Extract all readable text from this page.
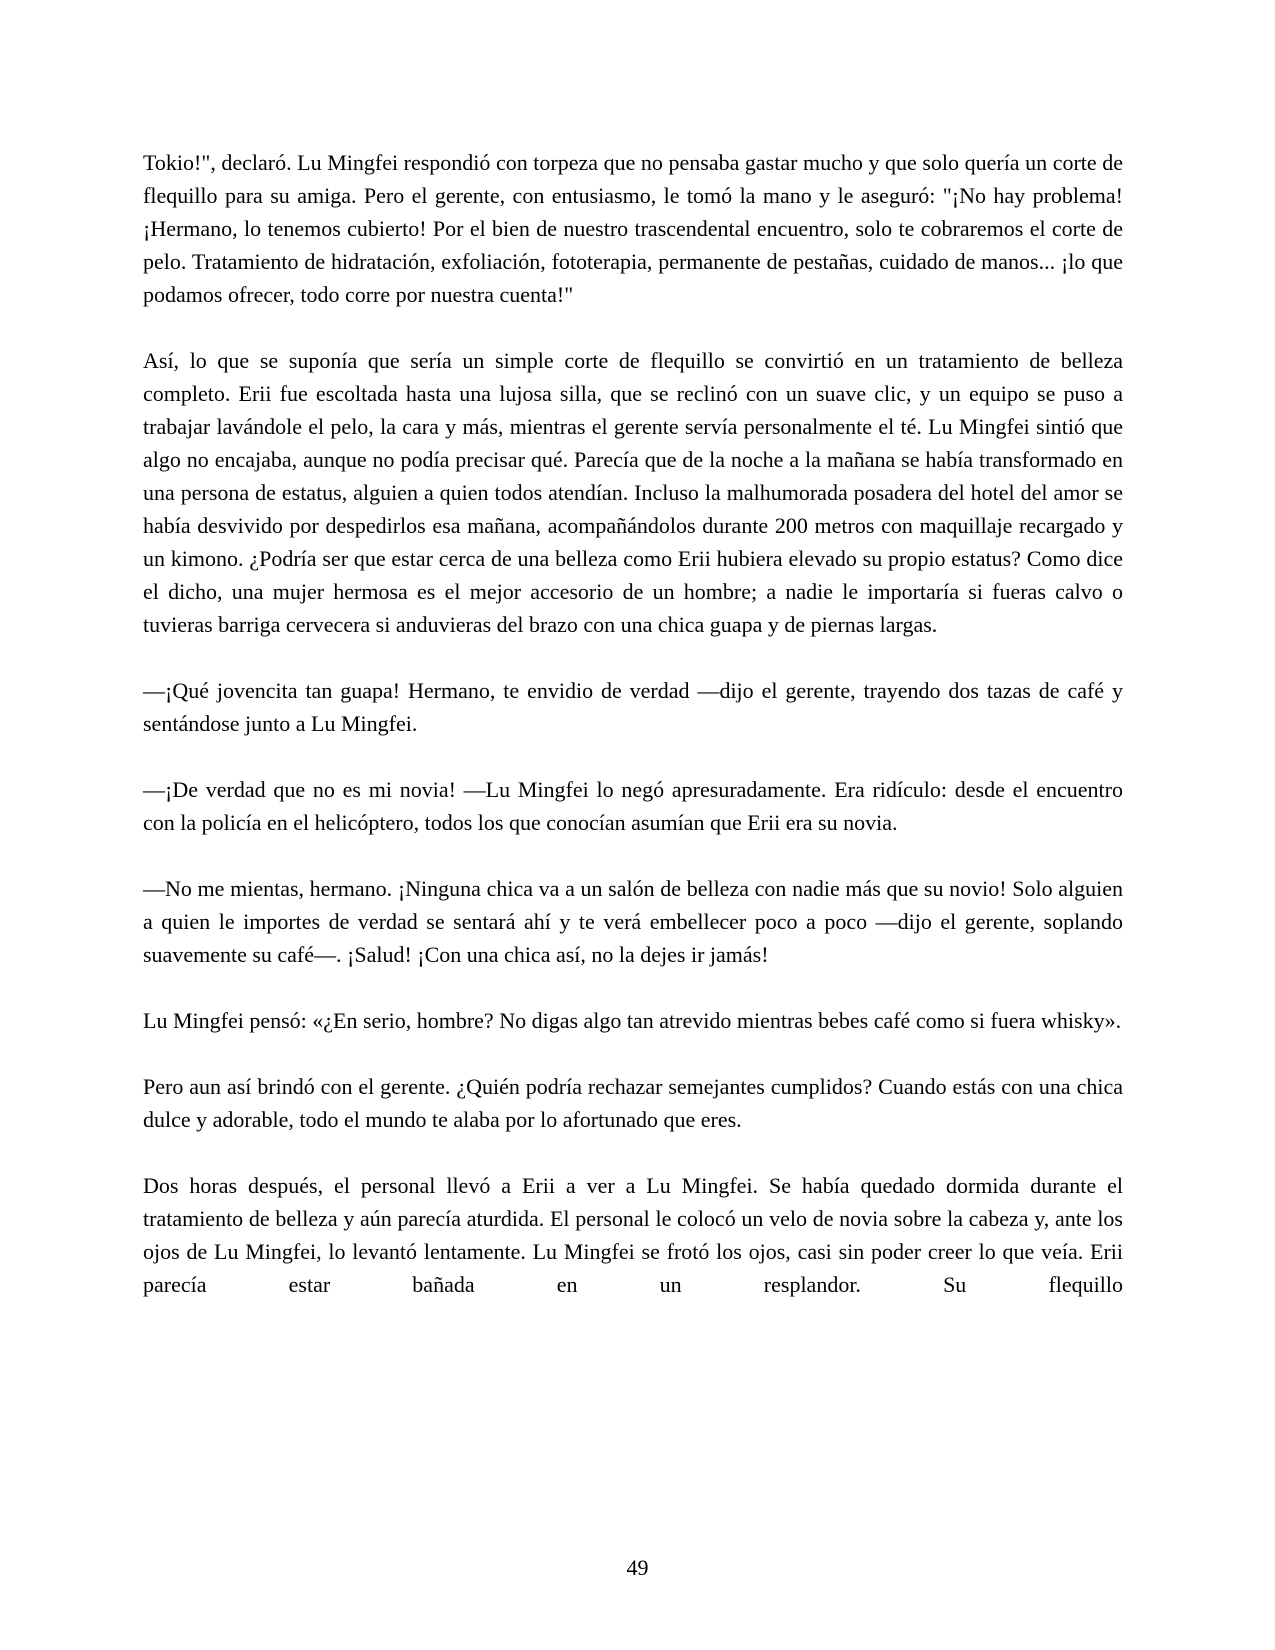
Tokio!", declaró. Lu Mingfei respondió con torpeza que no pensaba gastar mucho y que solo quería un corte de flequillo para su amiga. Pero el gerente, con entusiasmo, le tomó la mano y le aseguró: "¡No hay problema! ¡Hermano, lo tenemos cubierto! Por el bien de nuestro trascendental encuentro, solo te cobraremos el corte de pelo. Tratamiento de hidratación, exfoliación, fototerapia, permanente de pestañas, cuidado de manos... ¡lo que podamos ofrecer, todo corre por nuestra cuenta!"

Así, lo que se suponía que sería un simple corte de flequillo se convirtió en un tratamiento de belleza completo. Erii fue escoltada hasta una lujosa silla, que se reclinó con un suave clic, y un equipo se puso a trabajar lavándole el pelo, la cara y más, mientras el gerente servía personalmente el té. Lu Mingfei sintió que algo no encajaba, aunque no podía precisar qué. Parecía que de la noche a la mañana se había transformado en una persona de estatus, alguien a quien todos atendían. Incluso la malhumorada posadera del hotel del amor se había desvivido por despedirlos esa mañana, acompañándolos durante 200 metros con maquillaje recargado y un kimono. ¿Podría ser que estar cerca de una belleza como Erii hubiera elevado su propio estatus? Como dice el dicho, una mujer hermosa es el mejor accesorio de un hombre; a nadie le importaría si fueras calvo o tuvieras barriga cervecera si anduvieras del brazo con una chica guapa y de piernas largas.

—¡Qué jovencita tan guapa! Hermano, te envidio de verdad —dijo el gerente, trayendo dos tazas de café y sentándose junto a Lu Mingfei.

—¡De verdad que no es mi novia! —Lu Mingfei lo negó apresuradamente. Era ridículo: desde el encuentro con la policía en el helicóptero, todos los que conocían asumían que Erii era su novia.

—No me mientas, hermano. ¡Ninguna chica va a un salón de belleza con nadie más que su novio! Solo alguien a quien le importes de verdad se sentará ahí y te verá embellecer poco a poco —dijo el gerente, soplando suavemente su café—. ¡Salud! ¡Con una chica así, no la dejes ir jamás!

Lu Mingfei pensó: «¿En serio, hombre? No digas algo tan atrevido mientras bebes café como si fuera whisky».

Pero aun así brindó con el gerente. ¿Quién podría rechazar semejantes cumplidos? Cuando estás con una chica dulce y adorable, todo el mundo te alaba por lo afortunado que eres.

Dos horas después, el personal llevó a Erii a ver a Lu Mingfei. Se había quedado dormida durante el tratamiento de belleza y aún parecía aturdida. El personal le colocó un velo de novia sobre la cabeza y, ante los ojos de Lu Mingfei, lo levantó lentamente. Lu Mingfei se frotó los ojos, casi sin poder creer lo que veía. Erii parecía estar bañada en un resplandor. Su flequillo

49
